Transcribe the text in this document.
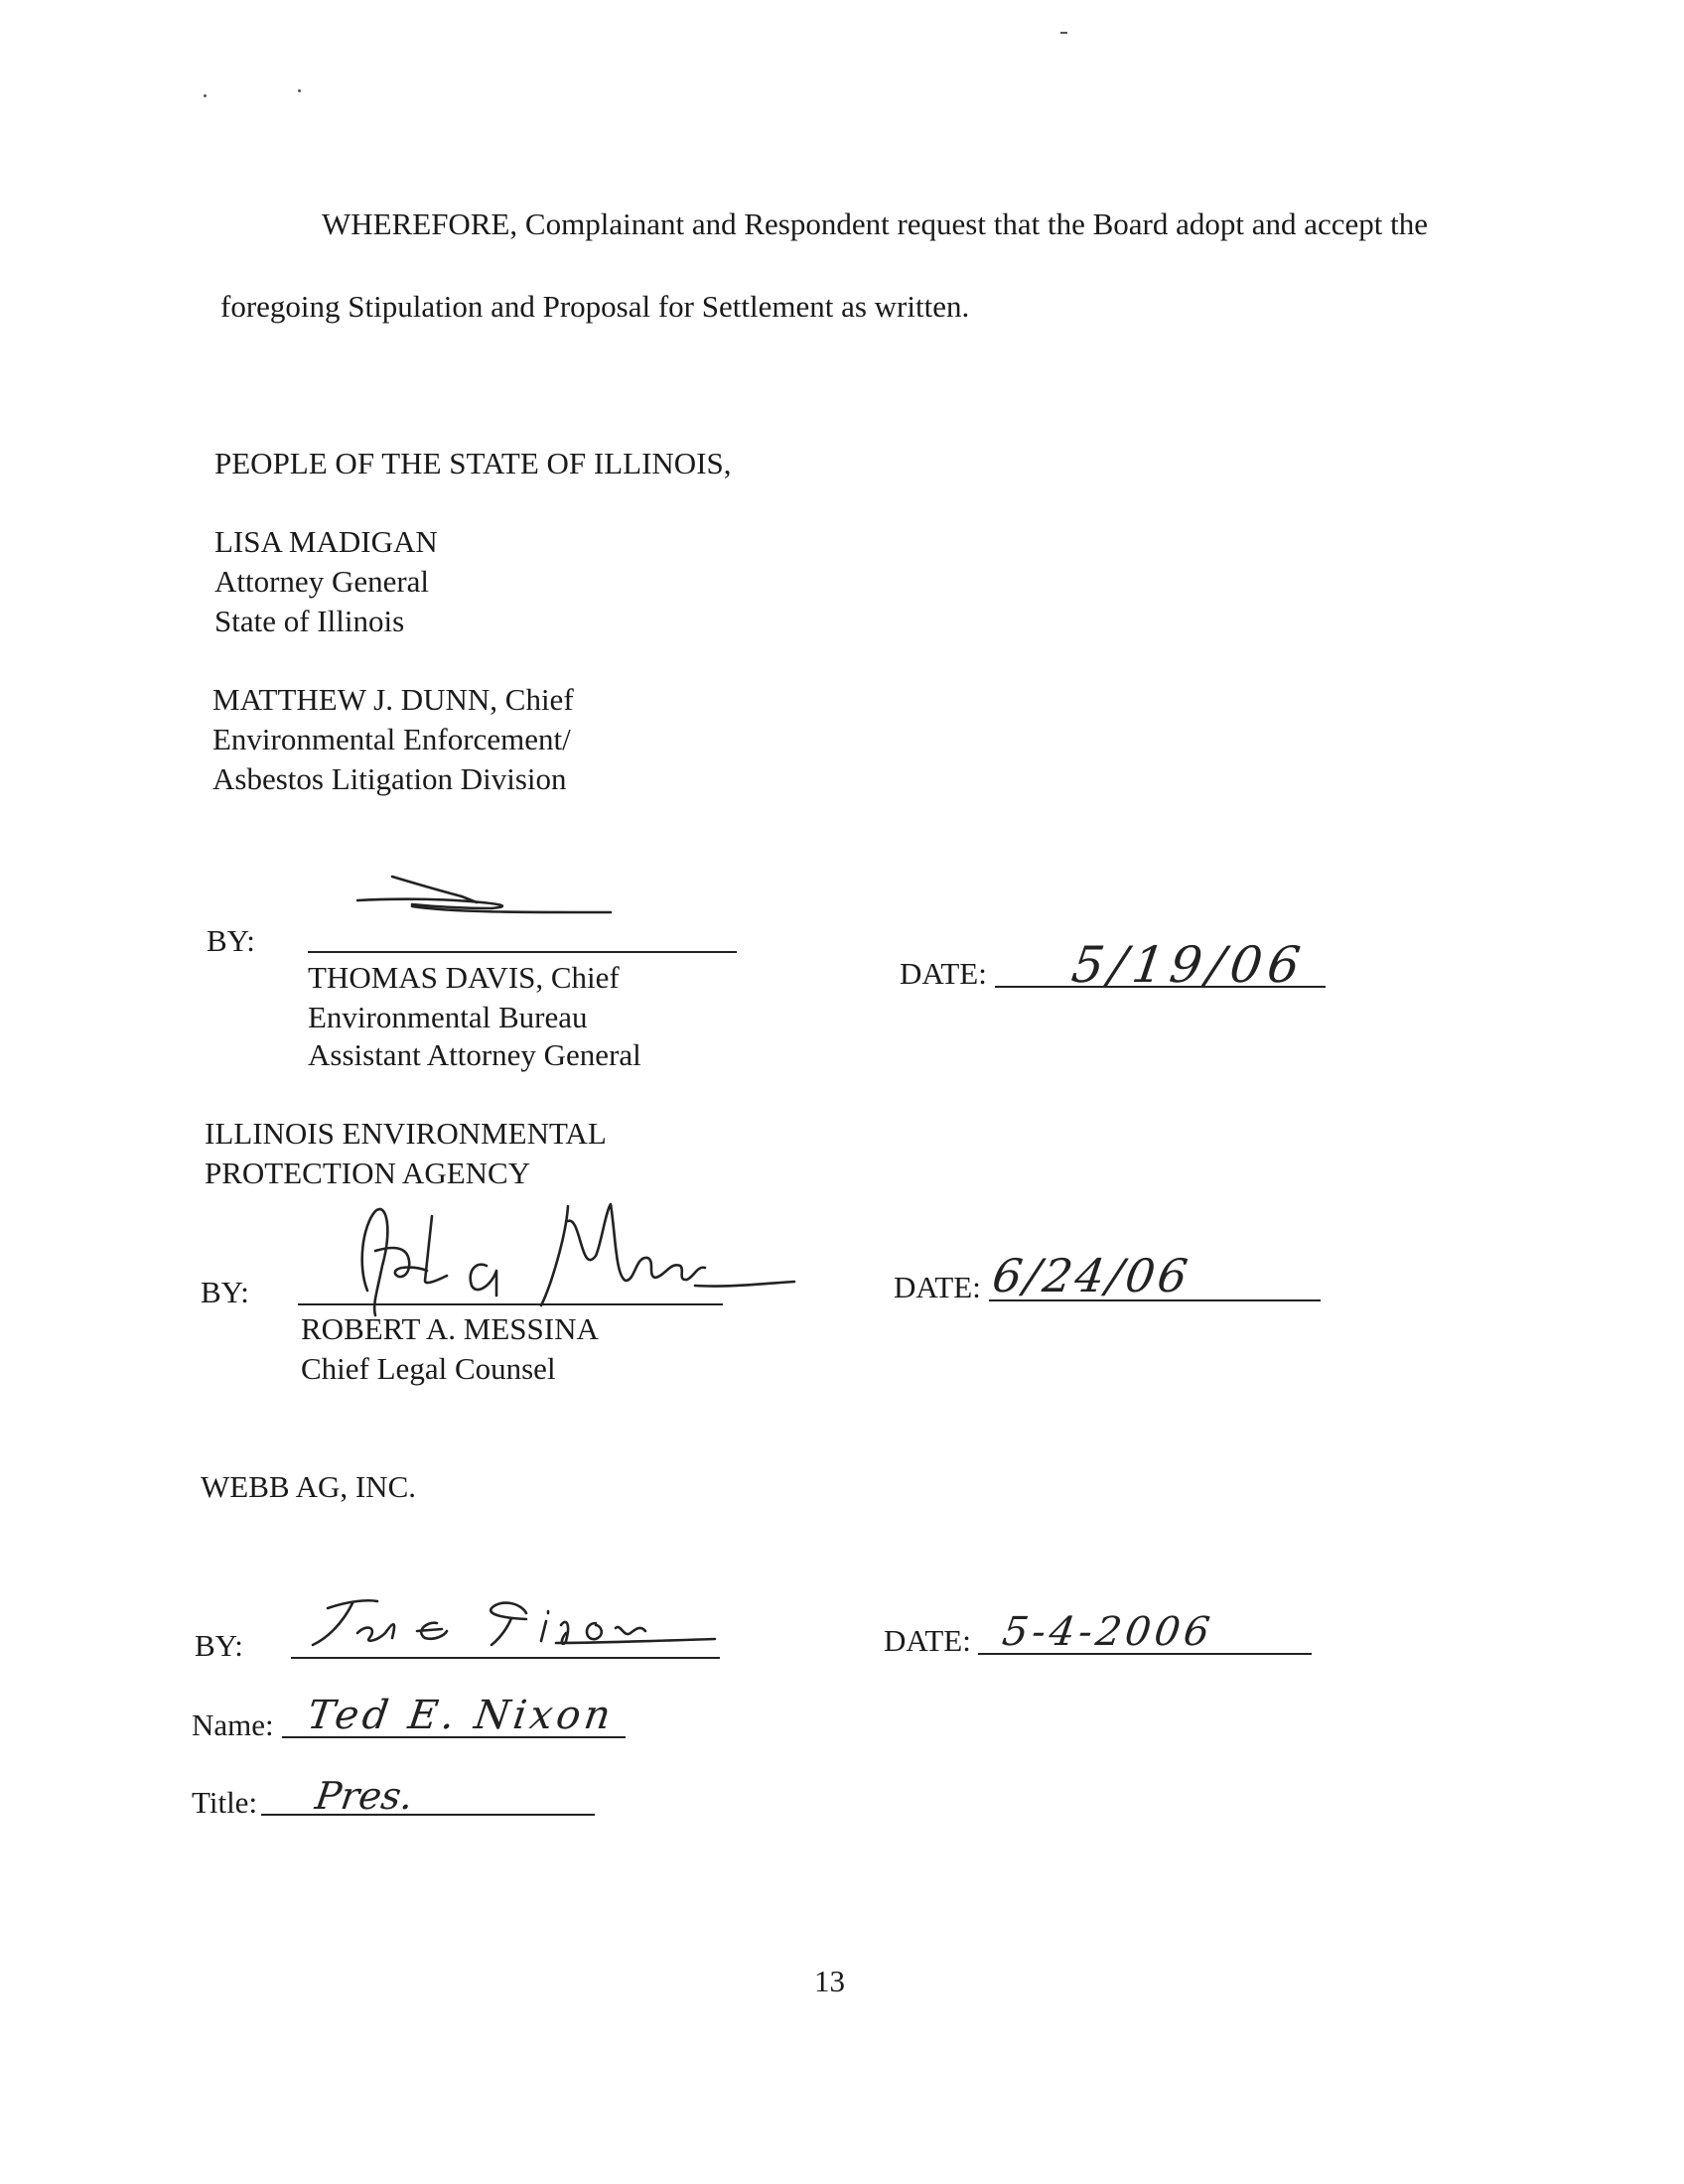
WHEREFORE, Complainant and Respondent request that the Board adopt and accept the
foregoing Stipulation and Proposal for Settlement as written.
PEOPLE OF THE STATE OF ILLINOIS,
LISA MADIGAN
Attorney General
State of Illinois
MATTHEW J. DUNN, Chief
Environmental Enforcement/
Asbestos Litigation Division
BY:
THOMAS DAVIS, Chief
Environmental Bureau
Assistant Attorney General
DATE: 5/19/06
ILLINOIS ENVIRONMENTAL
PROTECTION AGENCY
BY:
ROBERT A. MESSINA
Chief Legal Counsel
DATE: 6/24/06
WEBB AG, INC.
BY:	DATE: 5-4-2006
Name: Ted E. Nixon
Title: Pres.
13
